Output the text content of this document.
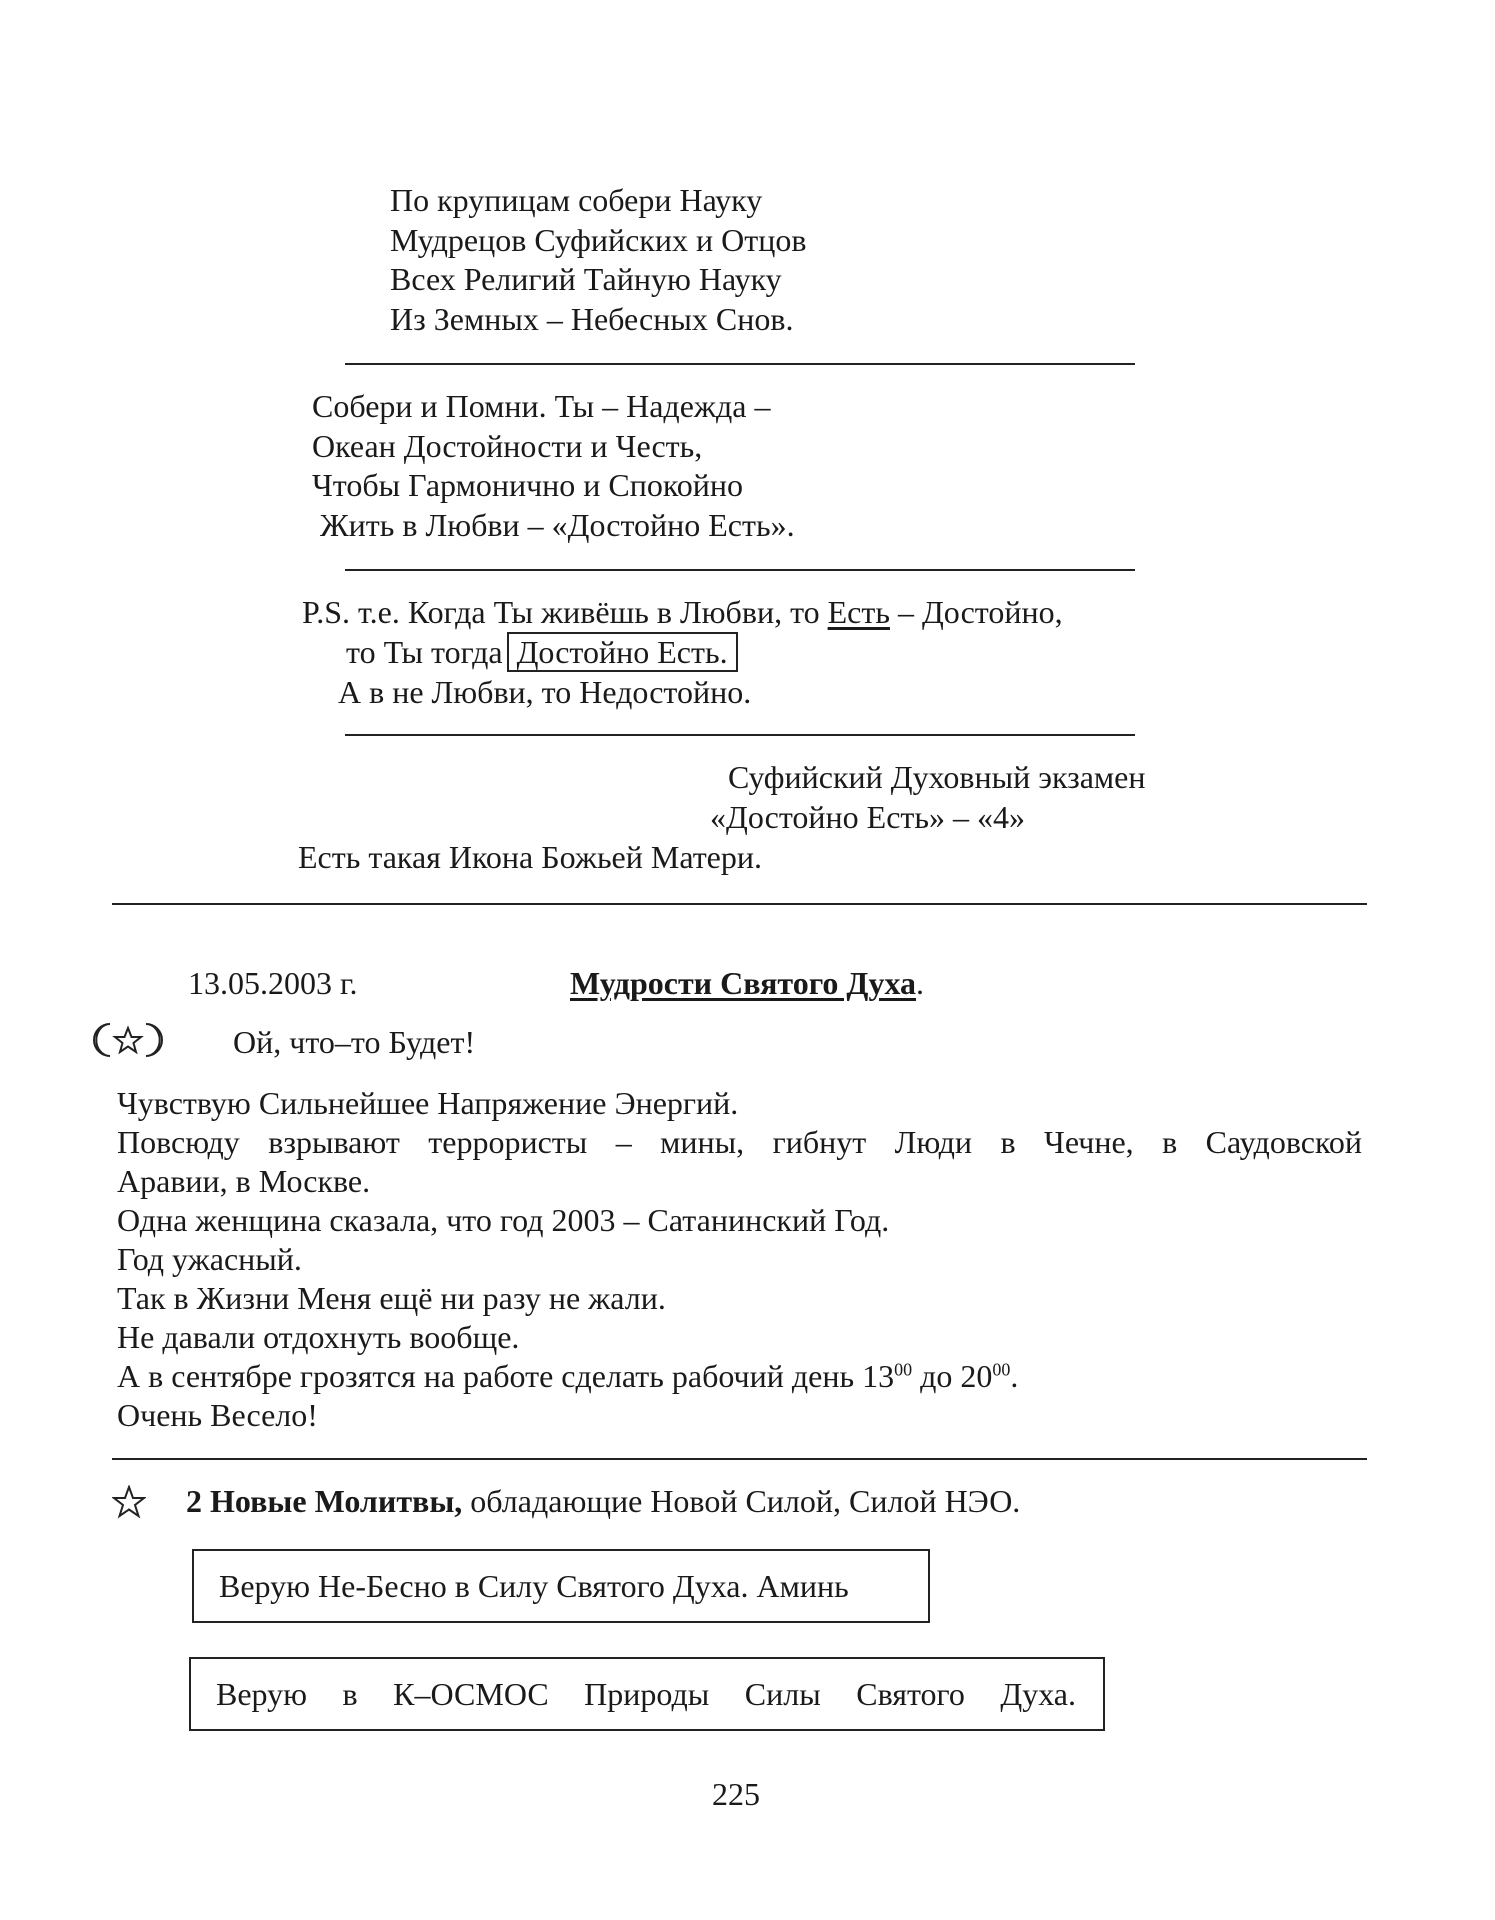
По крупицам собери Науку
Мудрецов Суфийских и Отцов
Всех Религий Тайную Науку
Из Земных – Небесных Снов.
Собери и Помни. Ты – Надежда –
Океан Достойности и Честь,
Чтобы Гармонично и Спокойно
Жить в Любви – «Достойно Есть».
P.S. т.е. Когда Ты живёшь в Любви, то Есть – Достойно,
то Ты тогда Достойно Есть.
А в не Любви, то Недостойно.
Суфийский Духовный экзамен
«Достойно Есть» – «4»
Есть такая Икона Божьей Матери.
13.05.2003 г.	Мудрости Святого Духа.
Ой, что–то Будет!
Чувствую Сильнейшее Напряжение Энергий.
Повсюду взрывают террористы – мины, гибнут Люди в Чечне, в Саудовской
Аравии, в Москве.
Одна женщина сказала, что год 2003 – Сатанинский Год.
Год ужасный.
Так в Жизни Меня ещё ни разу не жали.
Не давали отдохнуть вообще.
А в сентябре грозятся на работе сделать рабочий день $13^{00}$ до $20^{00}$.
Очень Весело!
2 Новые Молитвы, обладающие Новой Силой, Силой НЭО.
Верую Не-Бесно в Силу Святого Духа. Аминь
Верую в К–ОСМОС Природы Силы Святого Духа.
225
